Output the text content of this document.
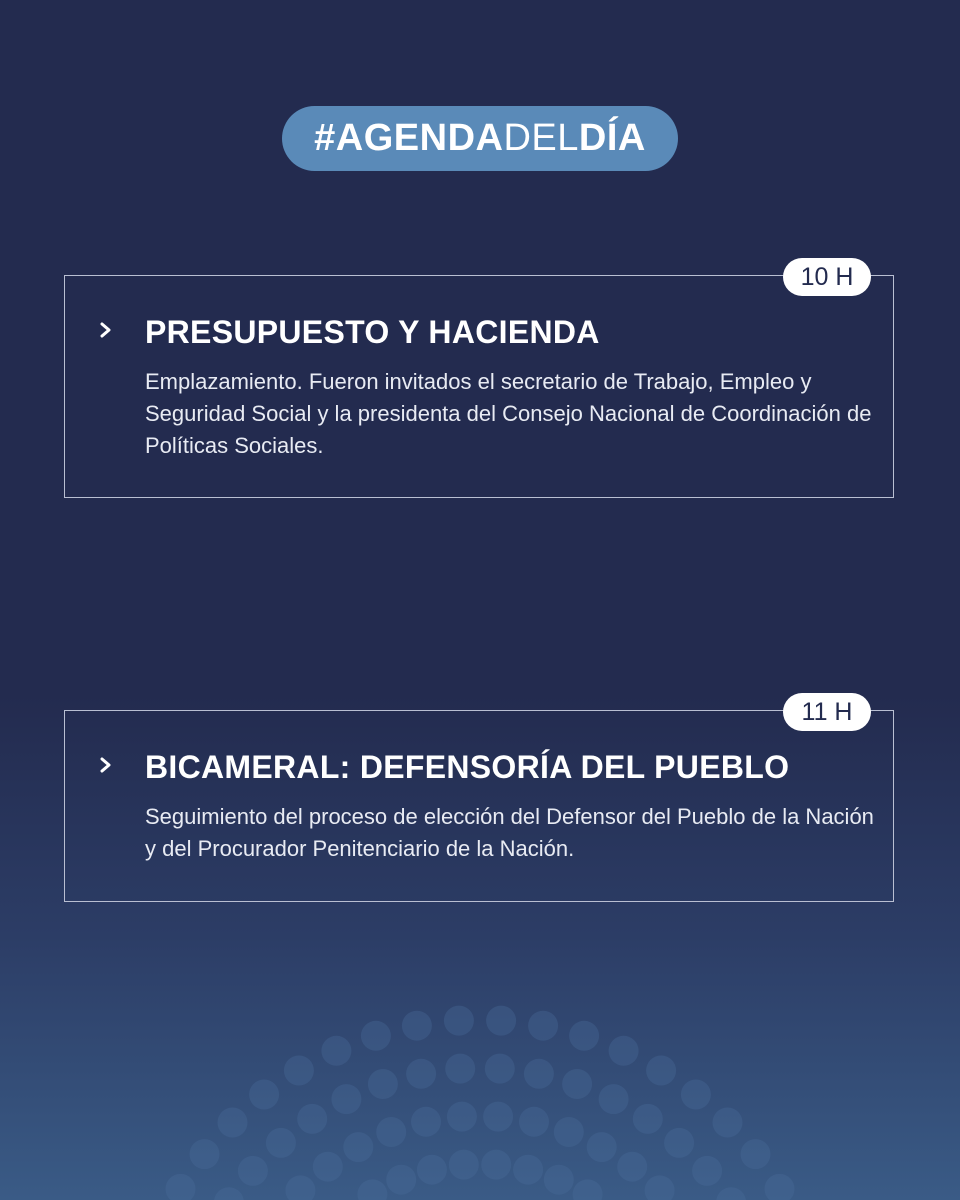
# AGENDA DEL DÍA
10 H
PRESUPUESTO Y HACIENDA
Emplazamiento. Fueron invitados el secretario de Trabajo, Empleo y Seguridad Social y la presidenta del Consejo Nacional de Coordinación de Políticas Sociales.
11 H
BICAMERAL: DEFENSORÍA DEL PUEBLO
Seguimiento del proceso de elección del Defensor del Pueblo de la Nación y del Procurador Penitenciario de la Nación.
